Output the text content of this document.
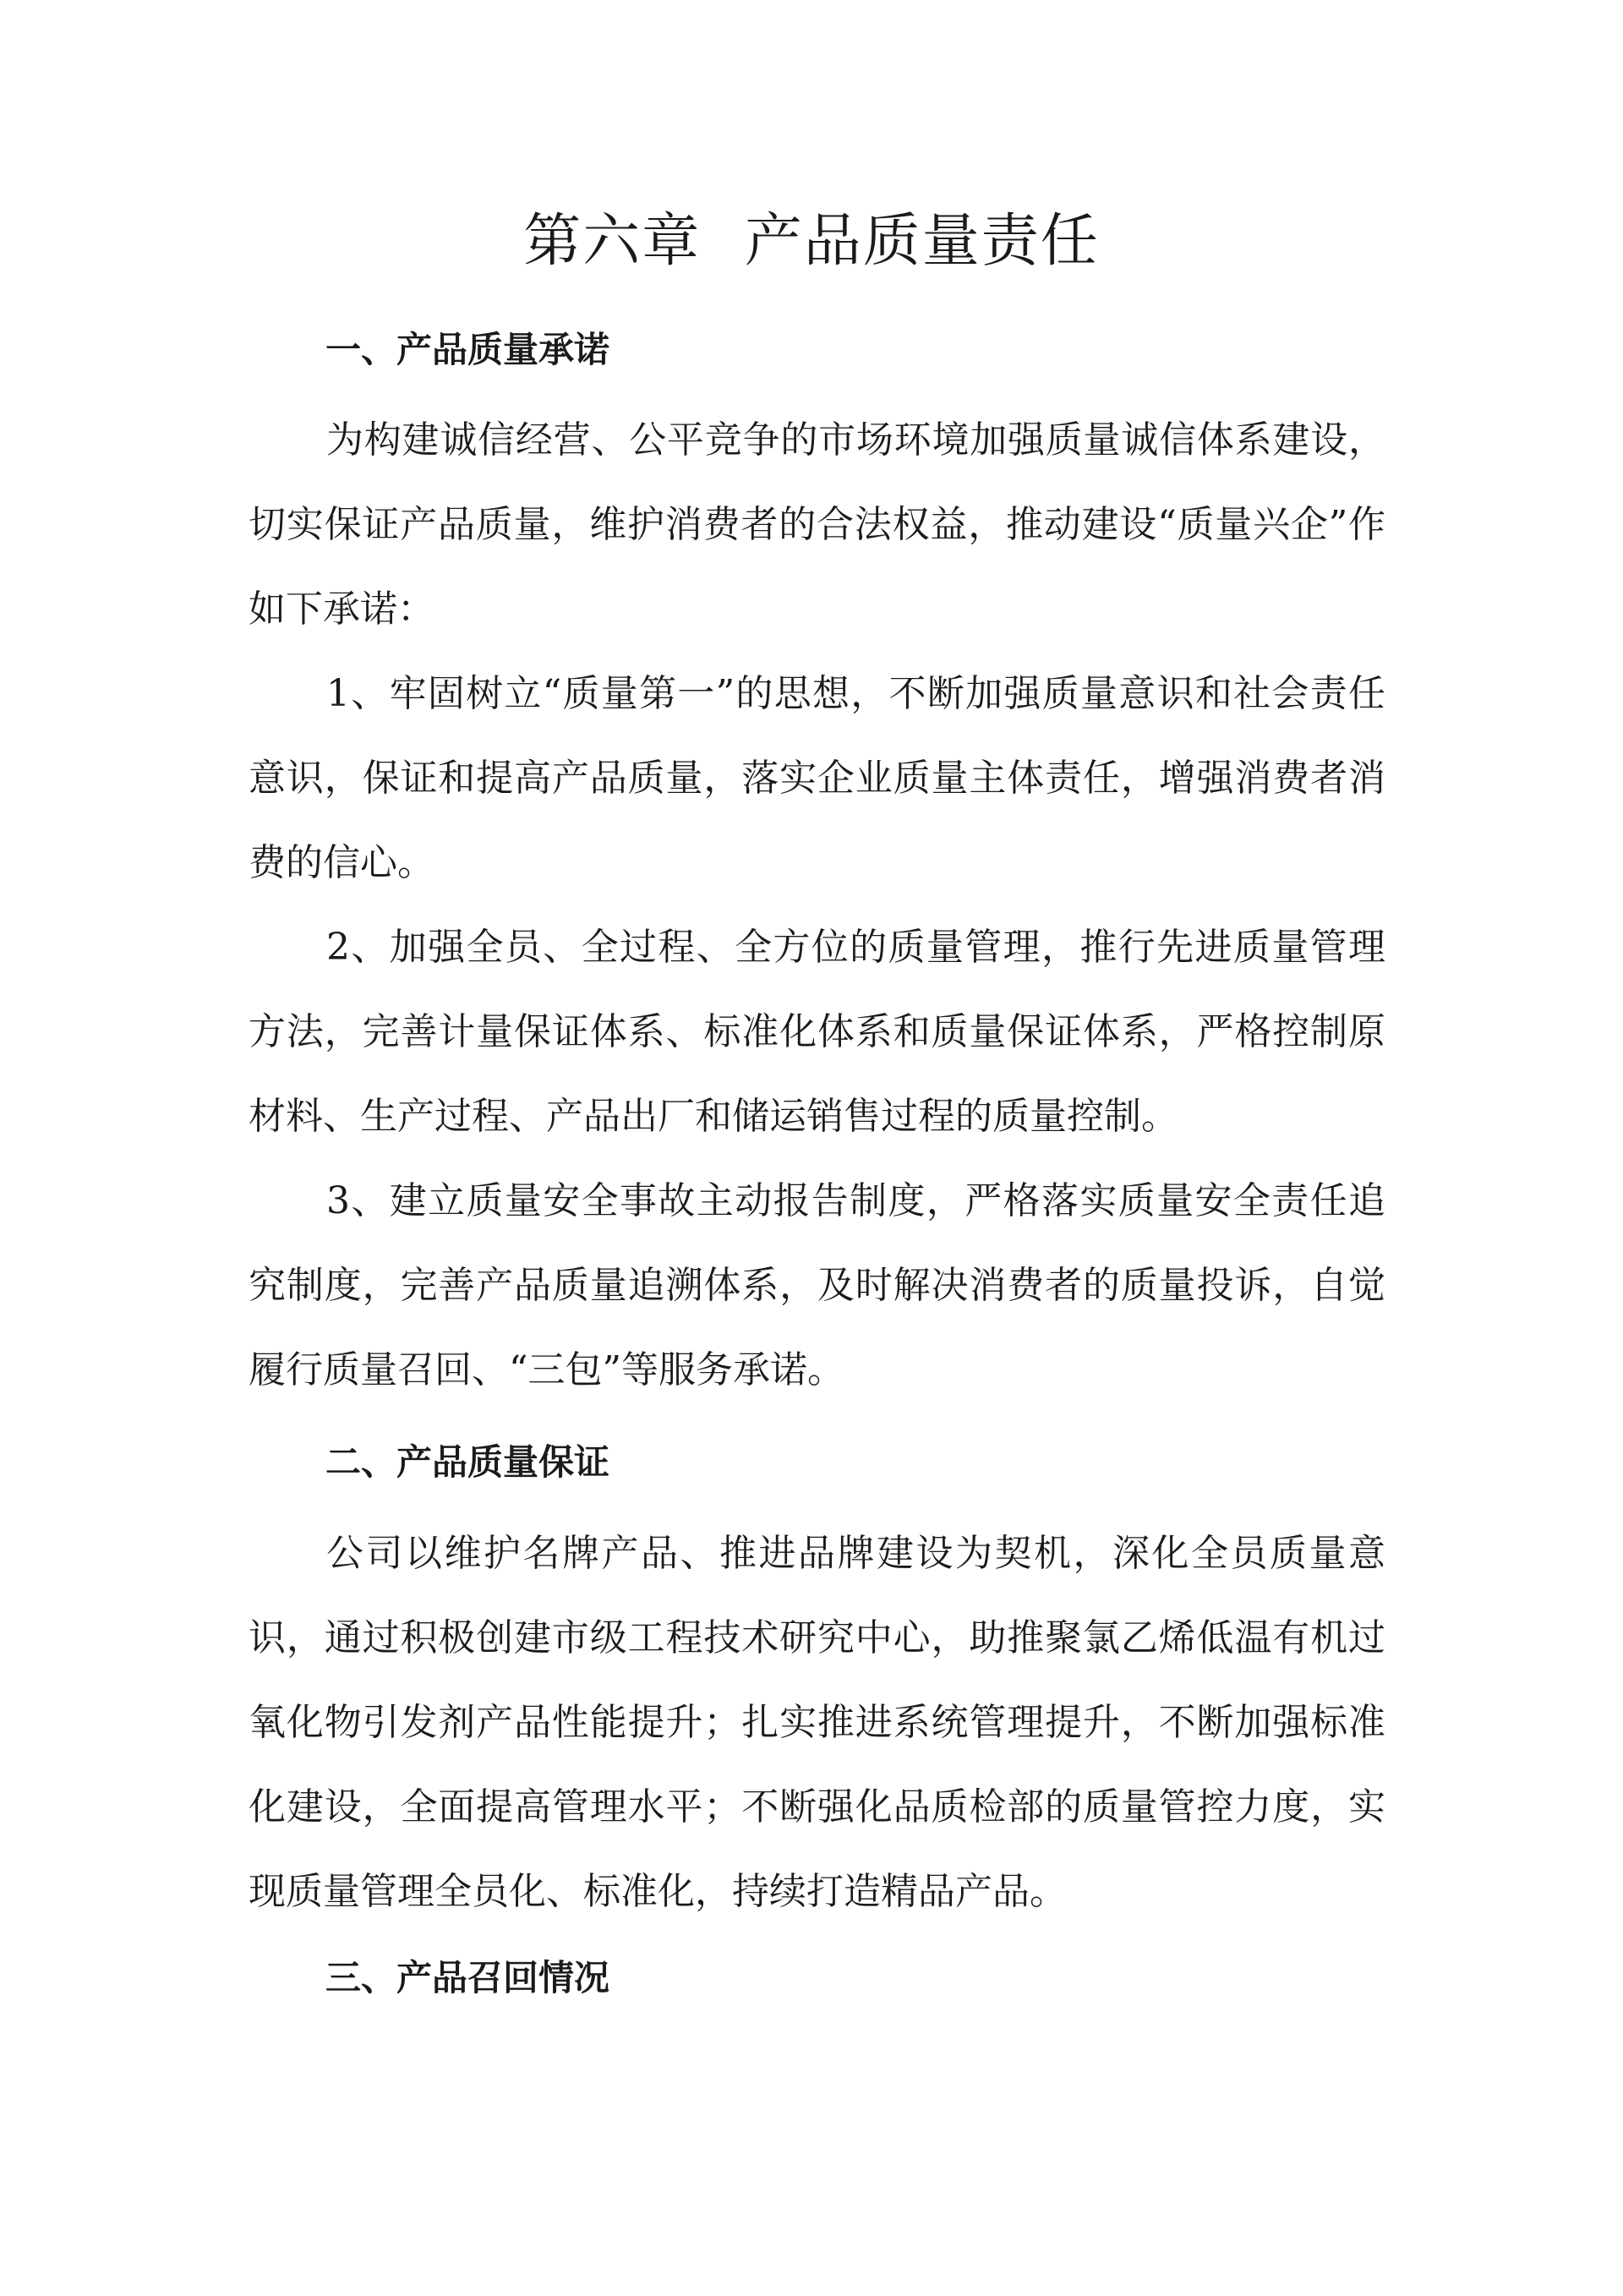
第六章 产品质量责任
一、产品质量承诺

为构建诚信经营、公平竞争的市场环境加强质量诚信体系建设，切实保证产品质量，维护消费者的合法权益，推动建设“质量兴企”作如下承诺：

1、牢固树立“质量第一”的思想，不断加强质量意识和社会责任意识，保证和提高产品质量，落实企业质量主体责任，增强消费者消费的信心。

2、加强全员、全过程、全方位的质量管理，推行先进质量管理方法，完善计量保证体系、标准化体系和质量保证体系，严格控制原材料、生产过程、产品出厂和储运销售过程的质量控制。

3、建立质量安全事故主动报告制度，严格落实质量安全责任追究制度，完善产品质量追溯体系，及时解决消费者的质量投诉，自觉履行质量召回、“三包”等服务承诺。

二、产品质量保证

公司以维护名牌产品、推进品牌建设为契机，深化全员质量意识，通过积极创建市级工程技术研究中心，助推聚氯乙烯低温有机过氧化物引发剂产品性能提升；扎实推进系统管理提升，不断加强标准化建设，全面提高管理水平；不断强化品质检部的质量管控力度，实现质量管理全员化、标准化，持续打造精品产品。

三、产品召回情况
